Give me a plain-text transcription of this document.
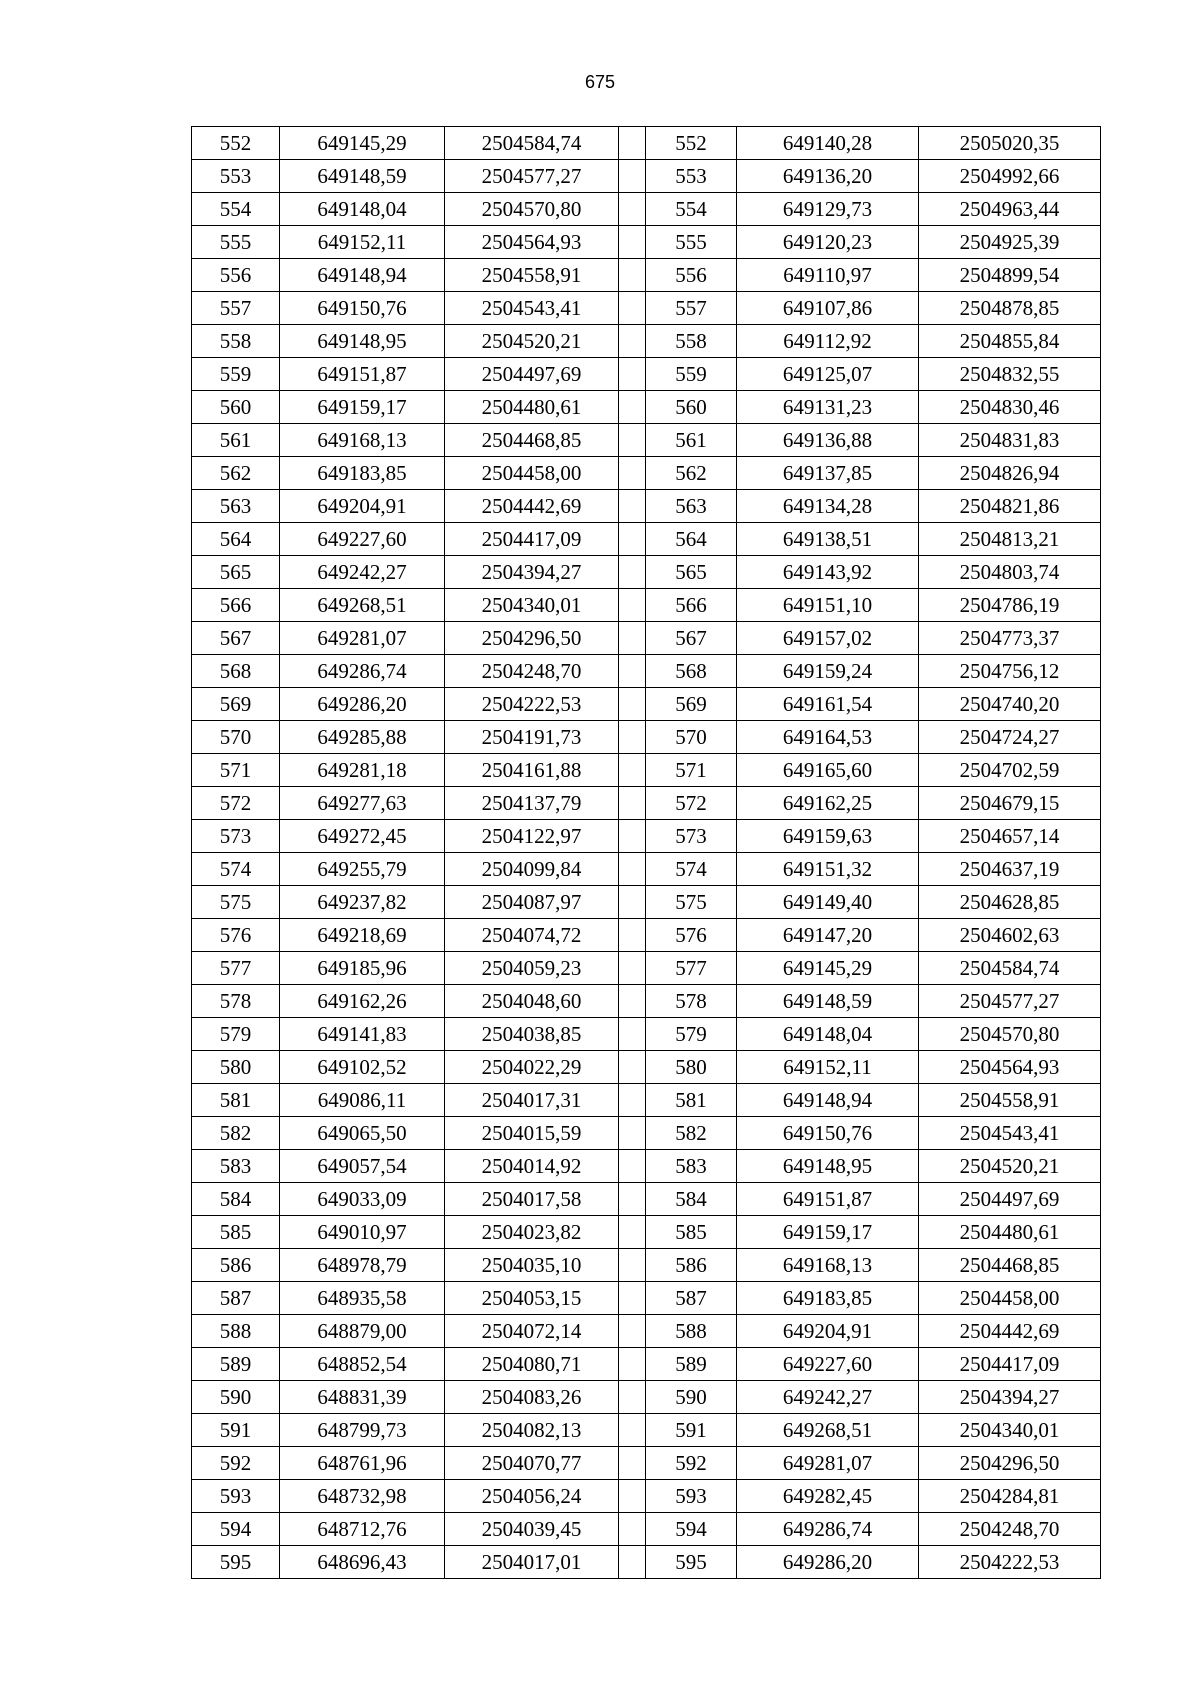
675
552	649145,29	2504584,74		552	649140,28	2505020,35
553	649148,59	2504577,27		553	649136,20	2504992,66
554	649148,04	2504570,80		554	649129,73	2504963,44
555	649152,11	2504564,93		555	649120,23	2504925,39
556	649148,94	2504558,91		556	649110,97	2504899,54
557	649150,76	2504543,41		557	649107,86	2504878,85
558	649148,95	2504520,21		558	649112,92	2504855,84
559	649151,87	2504497,69		559	649125,07	2504832,55
560	649159,17	2504480,61		560	649131,23	2504830,46
561	649168,13	2504468,85		561	649136,88	2504831,83
562	649183,85	2504458,00		562	649137,85	2504826,94
563	649204,91	2504442,69		563	649134,28	2504821,86
564	649227,60	2504417,09		564	649138,51	2504813,21
565	649242,27	2504394,27		565	649143,92	2504803,74
566	649268,51	2504340,01		566	649151,10	2504786,19
567	649281,07	2504296,50		567	649157,02	2504773,37
568	649286,74	2504248,70		568	649159,24	2504756,12
569	649286,20	2504222,53		569	649161,54	2504740,20
570	649285,88	2504191,73		570	649164,53	2504724,27
571	649281,18	2504161,88		571	649165,60	2504702,59
572	649277,63	2504137,79		572	649162,25	2504679,15
573	649272,45	2504122,97		573	649159,63	2504657,14
574	649255,79	2504099,84		574	649151,32	2504637,19
575	649237,82	2504087,97		575	649149,40	2504628,85
576	649218,69	2504074,72		576	649147,20	2504602,63
577	649185,96	2504059,23		577	649145,29	2504584,74
578	649162,26	2504048,60		578	649148,59	2504577,27
579	649141,83	2504038,85		579	649148,04	2504570,80
580	649102,52	2504022,29		580	649152,11	2504564,93
581	649086,11	2504017,31		581	649148,94	2504558,91
582	649065,50	2504015,59		582	649150,76	2504543,41
583	649057,54	2504014,92		583	649148,95	2504520,21
584	649033,09	2504017,58		584	649151,87	2504497,69
585	649010,97	2504023,82		585	649159,17	2504480,61
586	648978,79	2504035,10		586	649168,13	2504468,85
587	648935,58	2504053,15		587	649183,85	2504458,00
588	648879,00	2504072,14		588	649204,91	2504442,69
589	648852,54	2504080,71		589	649227,60	2504417,09
590	648831,39	2504083,26		590	649242,27	2504394,27
591	648799,73	2504082,13		591	649268,51	2504340,01
592	648761,96	2504070,77		592	649281,07	2504296,50
593	648732,98	2504056,24		593	649282,45	2504284,81
594	648712,76	2504039,45		594	649286,74	2504248,70
595	648696,43	2504017,01		595	649286,20	2504222,53
